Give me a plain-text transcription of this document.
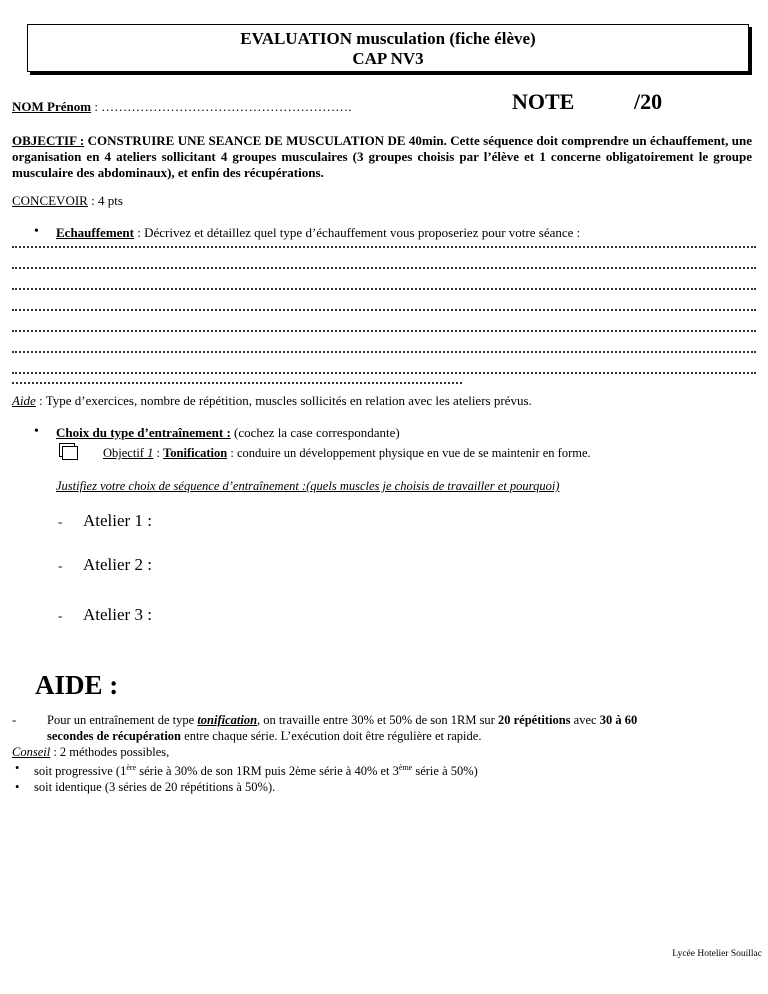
EVALUATION musculation (fiche élève)
CAP NV3
NOM Prénom : ………………………………………………….	NOTE	/20
OBJECTIF : CONSTRUIRE UNE SEANCE DE MUSCULATION DE 40min. Cette séquence doit comprendre un échauffement, une organisation en 4 ateliers sollicitant 4 groupes musculaires (3 groupes choisis par l’élève et 1 concerne obligatoirement le groupe musculaire des abdominaux), et enfin des récupérations.
CONCEVOIR : 4 pts
• Echauffement : Décrivez et détaillez quel type d’échauffement vous proposeriez pour votre séance :
Aide : Type d’exercices, nombre de répétition, muscles sollicités en relation avec les ateliers prévus.
• Choix du type d’entraînement : (cochez la case correspondante)
Objectif 1 : Tonification : conduire un développement physique en vue de se maintenir en forme.
Justifiez votre choix de séquence d’entraînement :(quels muscles je choisis de travailler et pourquoi)
- Atelier 1 :
- Atelier 2 :
- Atelier 3 :
AIDE :
- Pour un entraînement de type tonification, on travaille entre 30% et 50% de son 1RM sur 20 répétitions avec 30 à 60
secondes de récupération entre chaque série. L’exécution doit être régulière et rapide.
Conseil : 2 méthodes possibles,
• soit progressive (1ère série à 30% de son 1RM puis 2ème série à 40% et 3ème série à 50%)
• soit identique (3 séries de 20 répétitions à 50%).
Lycée Hotelier Souillac
